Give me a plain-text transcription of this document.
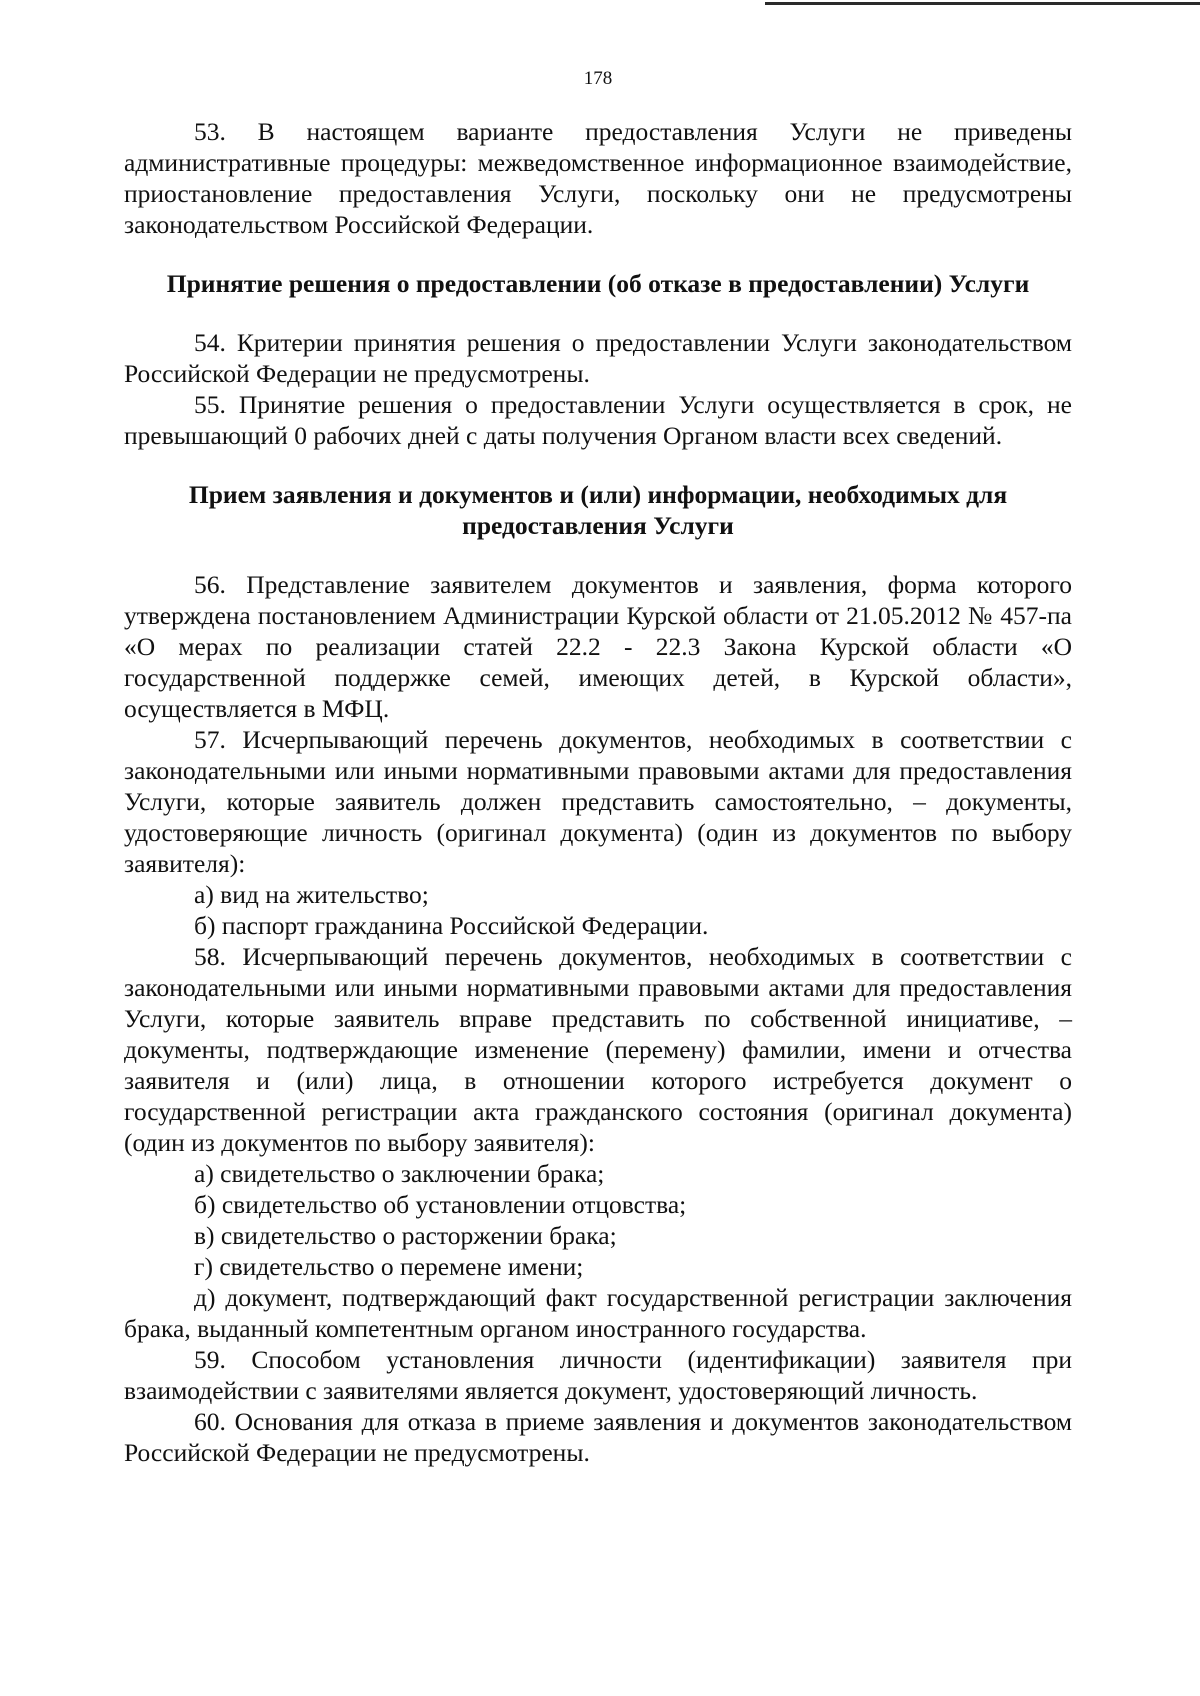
178

53. В настоящем варианте предоставления Услуги не приведены административные процедуры: межведомственное информационное взаимодействие, приостановление предоставления Услуги, поскольку они не предусмотрены законодательством Российской Федерации.

Принятие решения о предоставлении (об отказе в предоставлении) Услуги

54. Критерии принятия решения о предоставлении Услуги законодательством Российской Федерации не предусмотрены.

55. Принятие решения о предоставлении Услуги осуществляется в срок, не превышающий 0 рабочих дней с даты получения Органом власти всех сведений.

Прием заявления и документов и (или) информации, необходимых для предоставления Услуги

56. Представление заявителем документов и заявления, форма которого утверждена постановлением Администрации Курской области от 21.05.2012 № 457-па «О мерах по реализации статей 22.2 - 22.3 Закона Курской области «О государственной поддержке семей, имеющих детей, в Курской области», осуществляется в МФЦ.

57. Исчерпывающий перечень документов, необходимых в соответствии с законодательными или иными нормативными правовыми актами для предоставления Услуги, которые заявитель должен представить самостоятельно, – документы, удостоверяющие личность (оригинал документа) (один из документов по выбору заявителя):

а) вид на жительство;

б) паспорт гражданина Российской Федерации.

58. Исчерпывающий перечень документов, необходимых в соответствии с законодательными или иными нормативными правовыми актами для предоставления Услуги, которые заявитель вправе представить по собственной инициативе, – документы, подтверждающие изменение (перемену) фамилии, имени и отчества заявителя и (или) лица, в отношении которого истребуется документ о государственной регистрации акта гражданского состояния (оригинал документа) (один из документов по выбору заявителя):

а) свидетельство о заключении брака;

б) свидетельство об установлении отцовства;

в) свидетельство о расторжении брака;

г) свидетельство о перемене имени;

д) документ, подтверждающий факт государственной регистрации заключения брака, выданный компетентным органом иностранного государства.

59. Способом установления личности (идентификации) заявителя при взаимодействии с заявителями является документ, удостоверяющий личность.

60. Основания для отказа в приеме заявления и документов законодательством Российской Федерации не предусмотрены.
